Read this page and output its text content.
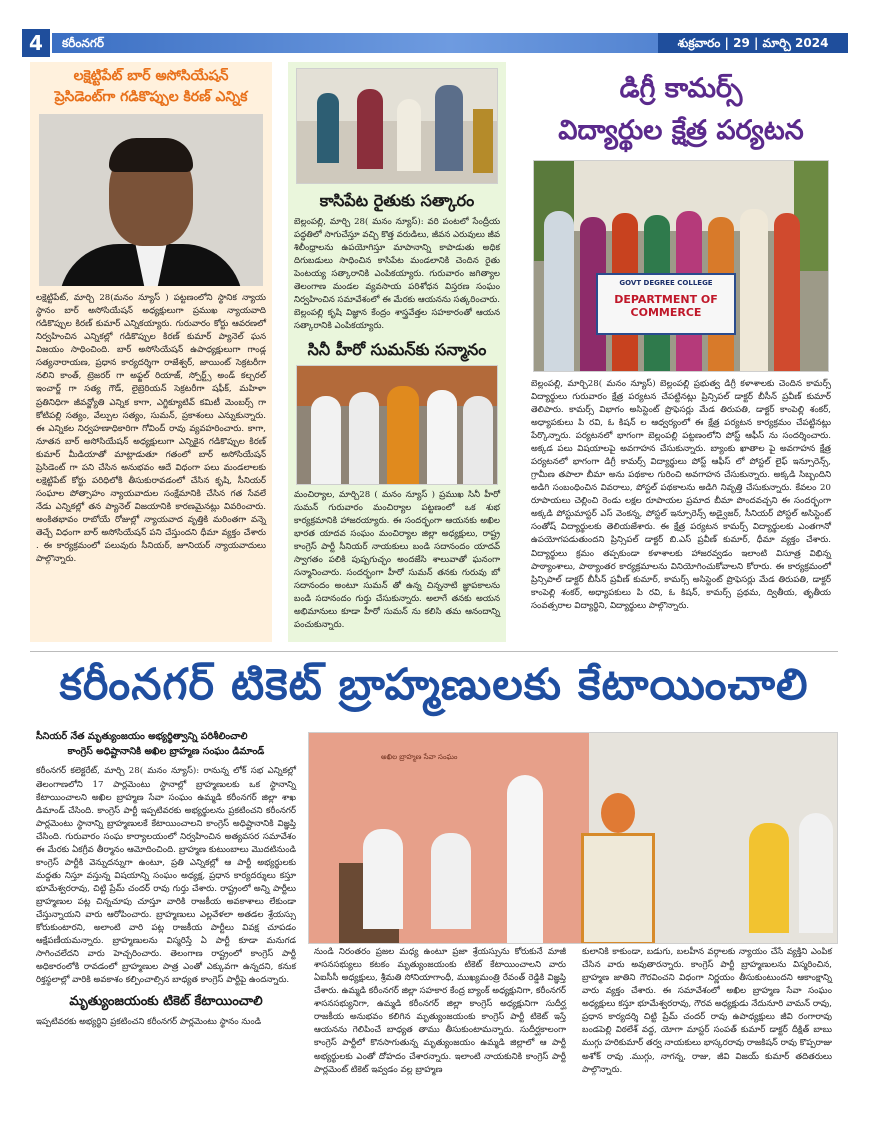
4	కరీంనగర్	శుక్రవారం | 29 | మార్చి 2024
లక్షెట్టిపేట్ బార్ అసోసియేషన్
ప్రెసిడెంట్‌గా గడికొప్పుల కిరణ్ ఎన్నిక
లక్షెట్టిపేట్, మార్చి 28(మనం న్యూస్ ) పట్టణంలోని స్థానిక న్యాయ స్థానం బార్ అసోసియేషన్ అధ్యక్షులుగా ప్రముఖ న్యాయవాది గడికొప్పుల కిరణ్ కుమార్ ఎన్నికయ్యారు. గురువారం కోర్టు ఆవరణలో నిర్వహించిన ఎన్నికల్లో గడికొప్పుల కిరణ్ కుమార్ ప్యానెల్ ఘన విజయం సాధించింది. బార్ అసోసియేషన్ ఉపాధ్యక్షులుగా గాండ్ల సత్యనారాయణ, ప్రధాన కార్యదర్శిగా రాజేశ్వర్, జాయింట్ సెక్రటరీగా నలిని కాంత్, ట్రెజరర్ గా అఫ్జల్ రియాజ్, స్పోర్ట్స్ అండ్ కల్చరల్ ఇంచార్జ్ గా సత్య గౌడ్, లైబ్రెరియన్ సెక్రటరీగా షఫీక్, మహిళా ప్రతినిధిగా జీవన్జ్యోతి ఎన్నిక కాగా, ఎగ్జిక్యూటివ్ కమిటీ మెంబర్స్ గా కోటిపల్లి సత్యం, వేల్పుల సత్యం, సుమన్, ప్రకాశంలు ఎన్నుకున్నారు. ఈ ఎన్నికల నిర్వహణాధికారిగా గోవింద్ రావు వ్యవహరించారు. కాగా, నూతన బార్ అసోసియేషన్ అధ్యక్షులుగా ఎన్నికైన గడికొప్పుల కిరణ్ కుమార్ మీడియాతో మాట్లాడుతూ గతంలో బార్ అసోసియేషన్ ప్రెసిడెంట్ గా పని చేసిన అనుభవం ఆదే విధంగా పలు మండలాలకు లక్షెట్టిపేట్ కోర్టు పరిధిలోకి తీసుకురావడంలో చేసిన కృషి, సీనియర్ సంఘాల పోత్సాహం న్యాయవాదుల సంక్షేమానికి చేసిన గత సేవలే నేడు ఎన్నికల్లో తన ప్యానెల్ విజయానికి కారణమైనట్లు వివరించారు. అంకితభావం రాబోయే రోజుల్లో న్యాయవాద వృత్తికి మరింతగా వన్నె తెచ్చే విధంగా బార్ అసోసియేషన్ పని చేస్తుందని ధీమా వ్యక్తం చేశారు . ఈ కార్యక్రమంలో పలువురు సీనియర్, జూనియర్ న్యాయవాదులు పాల్గొన్నారు.
కాసిపేట రైతుకు సత్కారం
బెల్లంపల్లి, మార్చి 28( మనం న్యూస్): వరి పంటలో సేంద్రీయ పద్ధతిలో సాగుచేస్తూ వచ్చి కొత్త వరుడిలు, జీవన ఎరువులు జీవ శిలీంధ్రాలను ఉపయోగిస్తూ మాపానాన్ని కాపాడుతు అధిక దిగుబడులు సాధించిన కాసిపేట మండలానికి చెందిన రైతు పెంటయ్య సత్కారానికి ఎంపికయ్యారు. గురువారం జగిత్యాల తెలంగాణ మండల వ్యవసాయ పరిశోధన విస్తరణ సంఘం నిర్వహించిన సమావేశంలో ఈ మేరకు ఆయనను సత్కరించారు. బెల్లంపల్లి కృషి విజ్ఞాన కేంద్రం శాస్త్రవేత్తల సహకారంతో ఆయన సత్కారానికి ఎంపికయ్యారు.
సినీ హీరో సుమన్‌కు సన్మానం
మంచిర్యాల, మార్చి28 ( మనం న్యూస్ ) ప్రముఖ సినీ హీరో సుమన్ గురువారం మంచిర్యాల పట్టణంలో ఒక శుభ కార్యక్రమానికి హాజరయ్యారు. ఈ సందర్భంగా ఆయనకు అఖిల భారత యాదవ సంఘం మంచిర్యాల జిల్లా అధ్యక్షులు, రాష్ట్ర కాంగ్రెస్ పార్టీ సీనియర్ నాయకులు బండి సదానందం యాదవ్ స్వాగతం పలికి పుష్పగుచ్ఛం అందజేసి శాలువాతో ఘనంగా సన్మానించారు. సందర్భంగా హీరో సుమన్ తనకు గురువు బో సదానందం అంటూ సుమన్ తో ఉన్న చిన్ననాటి జ్ఞాపకాలను బండి సదానందం గుర్తు చేసుకున్నారు. అలాగే తనకు అయన అభిమానులు కూడా హీరో సుమన్ ను కలిసి తమ ఆనందాన్ని పంచుకున్నారు.
డిగ్రీ కామర్స్
విద్యార్థుల క్షేత్ర పర్యటన
GOVT DEGREE COLLEGE
DEPARTMENT OF
COMMERCE
బెల్లంపల్లి, మార్చి28( మనం న్యూస్) బెల్లంపల్లి ప్రభుత్వ డిగ్రీ కళాశాలకు చెందిన కామర్స్ విద్యార్థులు గురువారం క్షేత్ర పర్యటన చేపట్టినట్లు ప్రిన్సిపల్ డాక్టర్ బీసీన్ ప్రవీణ్ కుమార్ తెలిపారు. కామర్స్ విభాగం అసిస్టెంట్ ప్రొఫెసర్లు మేడ తిరుపతి, డాక్టర్ కాంపెల్లి శంకర్, అధ్యాపకులు పి రవి, ఓ కిషన్ ల ఆధ్వర్యంలో ఈ క్షేత్ర పర్యటన కార్యక్రమం చేపట్టినట్లు పేర్కొన్నారు. పర్యటనలో భాగంగా బెల్లంపల్లి పట్టణంలోని పోస్ట్ ఆఫీస్ ను సందర్శించారు. అక్కడ పలు విషయాలపై అవగాహన చేసుకున్నారు. బ్యాంకు ఖాతాల పై అవగాహన క్షేత్ర పర్యటనలో భాగంగా డిగ్రీ కామర్స్ విద్యార్థులు పోస్ట్ ఆఫీస్ లో పోస్టల్ లైఫ్ ఇన్సూరెన్స్, గ్రామీణ తపాలా బీమా అను పథకాల గురించి అవగాహన చేసుకున్నారు. అక్కడి సిబ్బందిని అడిగి సంబంధించిన వివరాలు, పోస్టల్ పథకాలను అడిగి నివృత్తి చేసుకున్నారు. కేవలం 20 రూపాయలు చెల్లించి రెండు లక్షల రూపాయల ప్రమాద బీమా పొందవచ్చని ఈ సందర్భంగా అక్కడి పోస్టుమాస్టర్ ఎస్ వెంకన్న, పోస్టల్ ఇన్సూరెన్స్ అడ్వైజర్, సీనియర్ పోస్టల్ అసిస్టెంట్ సంతోష్ విద్యార్థులకు తెలియజేశారు. ఈ క్షేత్ర పర్యటన కామర్స్ విద్యార్థులకు ఎంతగానో ఉపయోగపడుతుందని ప్రిన్సిపల్ డాక్టర్ బి.ఎస్ ప్రవీణ్ కుమార్, ధీమా వ్యక్తం చేశారు. విద్యార్థులు క్రమం తప్పకుండా కళాశాలకు హాజరవ్వడం ఇలాంటి విసూత్ర విభిన్న పాఠ్యాంశాలు, పాఠ్యాంతర కార్యక్రమాలను వినియోగించుకోవాలని కోరారు. ఈ కార్యక్రమంలో ప్రిన్సిపాల్ డాక్టర్ బీసీన్ ప్రవీణ్ కుమార్, కామర్స్ అసిస్టెంట్ ప్రొఫెసర్లు మేడ తిరుపతి, డాక్టర్ కాంపెల్లి శంకర్, అధ్యాపకులు పి రవి, ఓ కిషన్, కామర్స్ ప్రథమ, ద్వితీయ, తృతీయ సంవత్సరాల విద్యార్థిని, విద్యార్థులు పాల్గొన్నారు.
కరీంనగర్ టికెట్ బ్రాహ్మణులకు కేటాయించాలి
సీనియర్ నేత మృత్యుంజయం అభ్యర్థిత్వాన్ని పరిశీలించాలి
కాంగ్రెస్ అధిష్టానానికి అఖిల బ్రాహ్మణ సంఘం డిమాండ్
కరీంనగర్ కలెక్టరేట్, మార్చి 28( మనం న్యూస్): రానున్న లోక్ సభ ఎన్నికల్లో తెలంగాణలోని 17 పార్లమెంటు స్థానాల్లో బ్రాహ్మణులకు ఒక స్థానాన్ని కేటాయించాలని అఖిల బ్రాహ్మణ సేవా సంఘం ఉమ్మడి కరీంనగర్ జిల్లా శాఖ డిమాండ్ చేసింది. కాంగ్రెస్ పార్టీ ఇప్పటివరకు అభ్యర్థులను ప్రకటించని కరీంనగర్ పార్లమెంటు స్థానాన్ని బ్రాహ్మణులకే కేటాయించాలని కాంగ్రెస్ అధిష్టానానికి విజ్ఞప్తి చేసింది. గురువారం సంఘ కార్యాలయంలో నిర్వహించిన అత్యవసర సమావేశం ఈ మేరకు ఏకగ్రీవ తీర్మానం ఆమోదించింది. బ్రాహ్మణ కుటుంబాలు మొదటినుండి కాంగ్రెస్ పార్టీకి వెన్నుదన్నుగా ఉంటూ, ప్రతి ఎన్నికల్లో ఆ పార్టీ అభ్యర్థులకు మద్దతు నిస్తూ వస్తున్న విషయాన్ని సంఘం అధ్యక్ష, ప్రధాన కార్యదర్శులు కస్తూ భూమేశ్వరరావు, చిట్టి ప్రేమ్ చందర్ రావు గుర్తు చేశారు. రాష్ట్రంలో అన్ని పార్టీలు బ్రాహ్మణుల పట్ల చిన్నచూపు చూస్తూ వారికి రాజకీయ అవకాశాలు లేకుండా చేస్తున్నాయని వారు ఆరోపించారు. బ్రాహ్మణులు ఎల్లవేళలా అతడల శ్రేయస్సు కోరుకుంటారని, అలాంటి వారి పట్ల రాజకీయ పార్టీలు వివక్ష చూపడం ఆక్షేపణీయమన్నారు. బ్రాహ్మణులను విస్మరిస్తే ఏ పార్టీ కూడా మనుగడ సాగించలేదని వారు హెచ్చరించారు. తెలంగాణ రాష్ట్రంలో కాంగ్రెస్ పార్టీ అధికారంలోకి రావడంలో బ్రాహ్మణుల పాత్ర ఎంతో ఎక్కువగా ఉన్నదని, కనుక రిక్తస్థలాల్లో వారికి అవకాశం కల్పించాల్సిన బాధ్యత కాంగ్రెస్ పార్టీపై ఉందన్నారు.
మృత్యుంజయంకు టికెట్ కేటాయించాలి
ఇప్పటివరకు అభ్యర్థిని ప్రకటించని కరీంనగర్ పార్లమెంటు స్థానం నుండి
అఖిల బ్రాహ్మణ సేవా సంఘం
నుండి నిరంతరం ప్రజల మధ్య ఉంటూ ప్రజా శ్రేయస్సును కోరుకునే మాజీ శాసనసభ్యులు కటకం మృత్యుంజయంకు టికెట్ కేటాయించాలని వారు ఏఐసీసీ అధ్యక్షులు, శ్రీమతి సోనియాగాంధీ, ముఖ్యమంత్రి రేవంత్ రెడ్డికి విజ్ఞప్తి చేశారు. ఉమ్మడి కరీంనగర్ జిల్లా సహకార కేంద్ర బ్యాంక్ అధ్యక్షునిగా, కరీంనగర్ శాసనసభ్యునిగా, ఉమ్మడి కరీంనగర్ జిల్లా కాంగ్రెస్ అధ్యక్షునిగా సుదీర్ఘ రాజకీయ అనుభవం కలిగిన మృత్యుంజయంకు కాంగ్రెస్ పార్టీ టికెట్ ఇస్తే ఆయనను గెలిపించే బాధ్యత తాము తీసుకుంటామన్నారు. సుదీర్ఘకాలంగా కాంగ్రెస్ పార్టీలో కొనసాగుతున్న మృత్యుంజయం ఉమ్మడి జిల్లాలో ఆ పార్టీ అభ్యర్థులకు ఎంతో దోహదం చేశారన్నారు. ఇలాంటి నాయకునికి కాంగ్రెస్ పార్టీ పార్లమెంట్ టికెట్ ఇవ్వడం వల్ల బ్రాహ్మణ
కులానికి కాకుండా, బడుగు, బలహీన వర్గాలకు న్యాయం చేసే వ్యక్తిని ఎంపిక చేసిన వారు అవుతారన్నారు. కాంగ్రెస్ పార్టీ బ్రాహ్మణులను విస్మరించిన, బ్రాహ్మణ జాతిని గౌరవించని విధంగా నిర్ణయం తీసుకుంటుందని ఆకాంక్షాన్ని వారు వ్యక్తం చేశారు. ఈ సమావేశంలో అఖిల బ్రాహ్మణ సేవా సంఘం అధ్యక్షులు కస్తూ భూమేశ్వరరావు, గౌరవ అధ్యక్షుడు నేదునూరి వామన్ రావు, ప్రధాన కార్యదర్శి చిట్టి ప్రేమ్ చందర్ రావు ఉపాధ్యక్షులు జీవి రంగారావు బండపెల్లి విఠలేశ్ వద్ద, యోగా మాస్టర్ సంపత్ కుమార్ డాక్టర్ దీక్షిత్ బాబు ముగ్గు హరికుమార్ తర్వ నాయకులు భాస్కరరావు రాజకిషన్ రావు కొప్పరాజు అశోక్ రావు .ముగ్గు, నాగన్న, రాజు, జీవి విజయ్ కుమార్ తదితరులు పాల్గొన్నారు.
